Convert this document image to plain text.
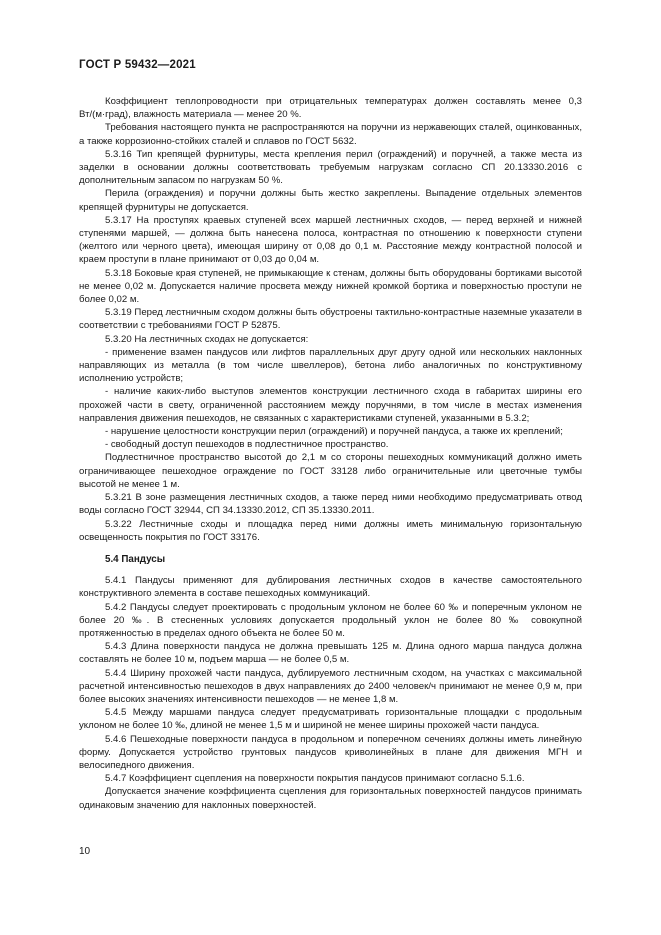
ГОСТ Р 59432—2021

Коэффициент теплопроводности при отрицательных температурах должен составлять менее 0,3 Вт/(м·град), влажность материала — менее 20 %.

Требования настоящего пункта не распространяются на поручни из нержавеющих сталей, оцинкованных, а также коррозионно-стойких сталей и сплавов по ГОСТ 5632.

5.3.16 Тип крепящей фурнитуры, места крепления перил (ограждений) и поручней, а также места из заделки в основании должны соответствовать требуемым нагрузкам согласно СП 20.13330.2016 с дополнительным запасом по нагрузкам 50 %.

Перила (ограждения) и поручни должны быть жестко закреплены. Выпадение отдельных элементов крепящей фурнитуры не допускается.

5.3.17 На проступях краевых ступеней всех маршей лестничных сходов, — перед верхней и нижней ступенями маршей, — должна быть нанесена полоса, контрастная по отношению к поверхности ступени (желтого или черного цвета), имеющая ширину от 0,08 до 0,1 м. Расстояние между контрастной полосой и краем проступи в плане принимают от 0,03 до 0,04 м.

5.3.18 Боковые края ступеней, не примыкающие к стенам, должны быть оборудованы бортиками высотой не менее 0,02 м. Допускается наличие просвета между нижней кромкой бортика и поверхностью проступи не более 0,02 м.

5.3.19 Перед лестничным сходом должны быть обустроены тактильно-контрастные наземные указатели в соответствии с требованиями ГОСТ Р 52875.

5.3.20 На лестничных сходах не допускается:

- применение взамен пандусов или лифтов параллельных друг другу одной или нескольких наклонных направляющих из металла (в том числе швеллеров), бетона либо аналогичных по конструктивному исполнению устройств;

- наличие каких-либо выступов элементов конструкции лестничного схода в габаритах ширины его прохожей части в свету, ограниченной расстоянием между поручнями, в том числе в местах изменения направления движения пешеходов, не связанных с характеристиками ступеней, указанными в 5.3.2;

- нарушение целостности конструкции перил (ограждений) и поручней пандуса, а также их креплений;

- свободный доступ пешеходов в подлестничное пространство.

Подлестничное пространство высотой до 2,1 м со стороны пешеходных коммуникаций должно иметь ограничивающее пешеходное ограждение по ГОСТ 33128 либо ограничительные или цветочные тумбы высотой не менее 1 м.

5.3.21 В зоне размещения лестничных сходов, а также перед ними необходимо предусматривать отвод воды согласно ГОСТ 32944, СП 34.13330.2012, СП 35.13330.2011.

5.3.22 Лестничные сходы и площадка перед ними должны иметь минимальную горизонтальную освещенность покрытия по ГОСТ 33176.

5.4 Пандусы

5.4.1 Пандусы применяют для дублирования лестничных сходов в качестве самостоятельного конструктивного элемента в составе пешеходных коммуникаций.

5.4.2 Пандусы следует проектировать с продольным уклоном не более 60 ‰ и поперечным уклоном не более 20 ‰. В стесненных условиях допускается продольный уклон не более 80 ‰ совокупной протяженностью в пределах одного объекта не более 50 м.

5.4.3 Длина поверхности пандуса не должна превышать 125 м. Длина одного марша пандуса должна составлять не более 10 м, подъем марша — не более 0,5 м.

5.4.4 Ширину прохожей части пандуса, дублируемого лестничным сходом, на участках с максимальной расчетной интенсивностью пешеходов в двух направлениях до 2400 человек/ч принимают не менее 0,9 м, при более высоких значениях интенсивности пешеходов — не менее 1,8 м.

5.4.5 Между маршами пандуса следует предусматривать горизонтальные площадки с продольным уклоном не более 10 ‰, длиной не менее 1,5 м и шириной не менее ширины прохожей части пандуса.

5.4.6 Пешеходные поверхности пандуса в продольном и поперечном сечениях должны иметь линейную форму. Допускается устройство грунтовых пандусов криволинейных в плане для движения МГН и велосипедного движения.

5.4.7 Коэффициент сцепления на поверхности покрытия пандусов принимают согласно 5.1.6.

Допускается значение коэффициента сцепления для горизонтальных поверхностей пандусов принимать одинаковым значению для наклонных поверхностей.

10
